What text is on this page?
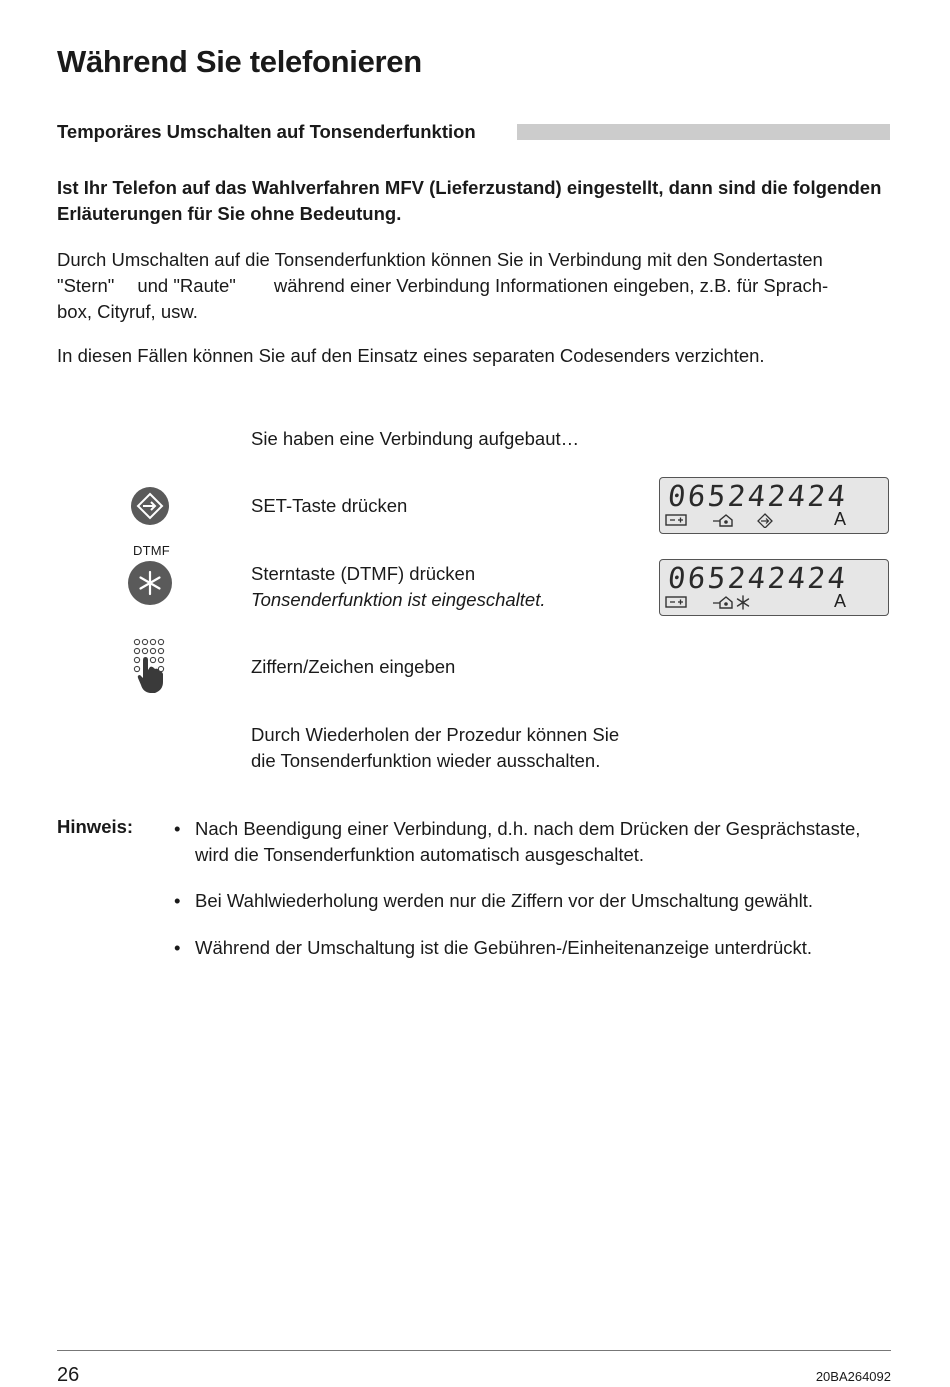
Während Sie telefonieren
Temporäres Umschalten auf Tonsenderfunktion
Ist Ihr Telefon auf das Wahlverfahren MFV (Lieferzustand) eingestellt, dann sind die folgenden Erläuterungen für Sie ohne Bedeutung.
Durch Umschalten auf die Tonsenderfunktion können Sie in Verbindung mit den Sondertasten
"Stern" und "Raute" während einer Verbindung Informationen eingeben, z.B. für Sprach-
box, Cityruf, usw.
In diesen Fällen können Sie auf den Einsatz eines separaten Codesenders verzichten.
Sie haben eine Verbindung aufgebaut…
SET-Taste drücken	065242424
A
DTMF
Sterntaste (DTMF) drücken
Tonsenderfunktion ist eingeschaltet.
065242424
A
Ziffern/Zeichen eingeben
Durch Wiederholen der Prozedur können Sie
die Tonsenderfunktion wieder ausschalten.
Hinweis: • Nach Beendigung einer Verbindung, d.h. nach dem Drücken der Gesprächstaste, wird die Tonsenderfunktion automatisch ausgeschaltet.
• Bei Wahlwiederholung werden nur die Ziffern vor der Umschaltung gewählt.
• Während der Umschaltung ist die Gebühren-/Einheitenanzeige unterdrückt.
26	20BA264092
